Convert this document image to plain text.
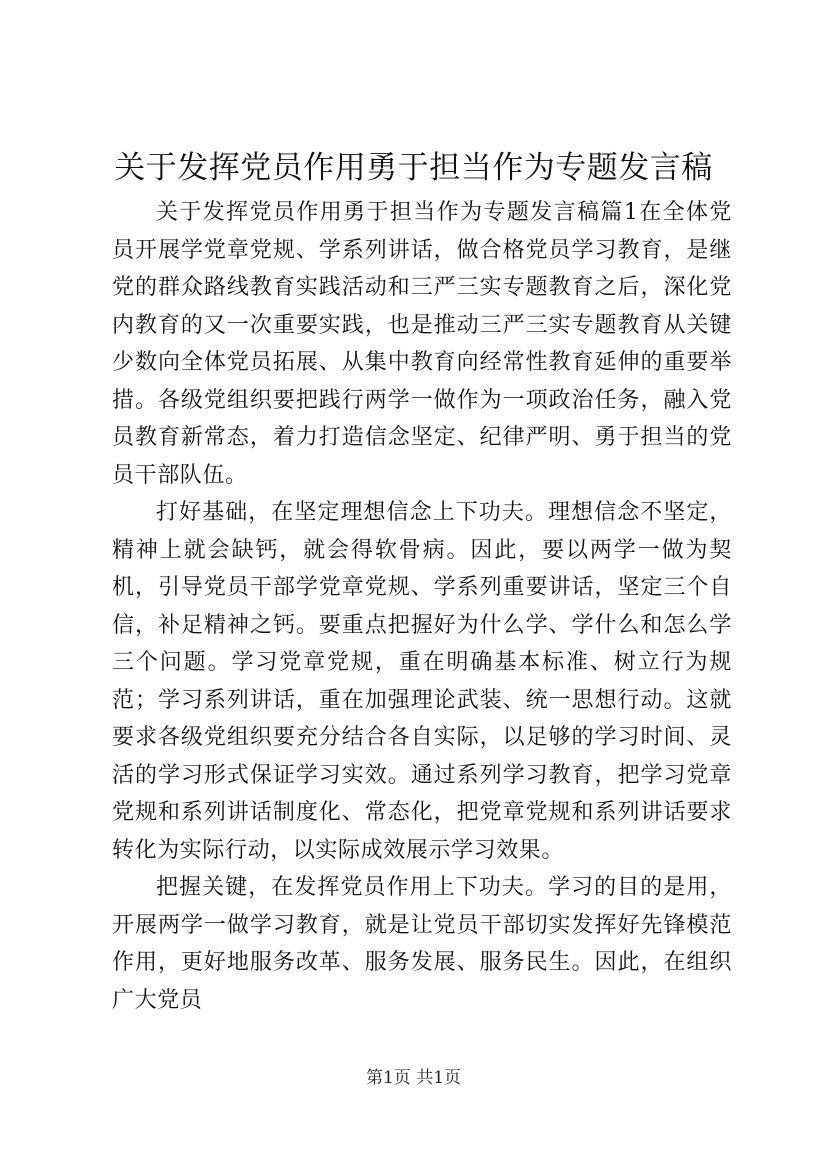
关于发挥党员作用勇于担当作为专题发言稿

关于发挥党员作用勇于担当作为专题发言稿篇1在全体党员开展学党章党规、学系列讲话，做合格党员学习教育，是继党的群众路线教育实践活动和三严三实专题教育之后，深化党内教育的又一次重要实践，也是推动三严三实专题教育从关键少数向全体党员拓展、从集中教育向经常性教育延伸的重要举措。各级党组织要把践行两学一做作为一项政治任务，融入党员教育新常态，着力打造信念坚定、纪律严明、勇于担当的党员干部队伍。

打好基础，在坚定理想信念上下功夫。理想信念不坚定，精神上就会缺钙，就会得软骨病。因此，要以两学一做为契机，引导党员干部学党章党规、学系列重要讲话，坚定三个自信，补足精神之钙。要重点把握好为什么学、学什么和怎么学三个问题。学习党章党规，重在明确基本标准、树立行为规范；学习系列讲话，重在加强理论武装、统一思想行动。这就要求各级党组织要充分结合各自实际，以足够的学习时间、灵活的学习形式保证学习实效。通过系列学习教育，把学习党章党规和系列讲话制度化、常态化，把党章党规和系列讲话要求转化为实际行动，以实际成效展示学习效果。

把握关键，在发挥党员作用上下功夫。学习的目的是用，开展两学一做学习教育，就是让党员干部切实发挥好先锋模范作用，更好地服务改革、服务发展、服务民生。因此，在组织广大党员

第1页 共1页
